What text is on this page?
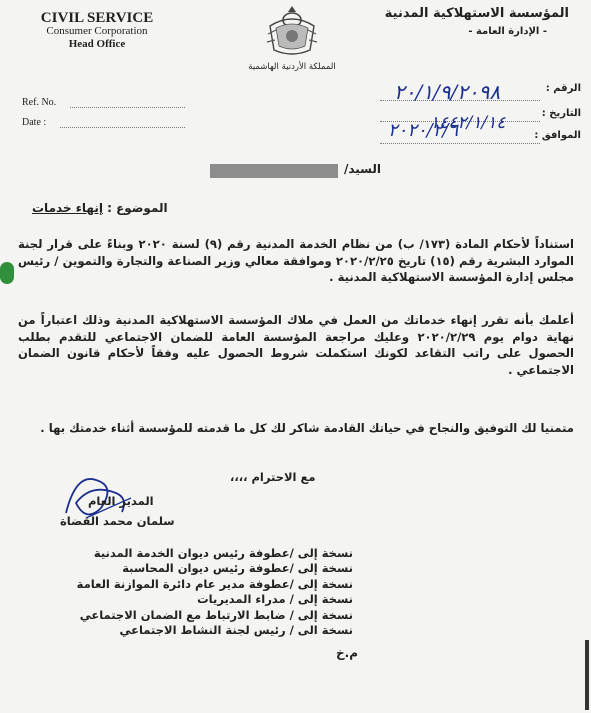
CIVIL SERVICE
Consumer Corporation
Head Office
المملكة الأردنية الهاشمية
المؤسسة الاستهلاكية المدنية
- الإدارة العامة -
Ref. No.
Date :
الرقم :
التاريخ :
الموافق :
٢٠/١/٩/٢٠٩٨
١٤٤٢/١/١٤
٢٠٢٠/٢/٦
السيد/
الموضوع : إنهاء خدمات
استناداً لأحكام المادة (١٧٣/ ب) من نظام الخدمة المدنية رقم (٩) لسنة ٢٠٢٠ وبناءً على قرار لجنة الموارد البشرية رقم (١٥) تاريخ ٢٠٢٠/٢/٢٥ وموافقة معالي وزير الصناعة والتجارة والتموين / رئيس مجلس إدارة المؤسسة الاستهلاكية المدنية .
أعلمك بأنه تقرر إنهاء خدماتك من العمل في ملاك المؤسسة الاستهلاكية المدنية وذلك اعتباراً من نهاية دوام يوم ٢٠٢٠/٢/٢٩ وعليك مراجعة المؤسسة العامة للضمان الاجتماعي للتقدم بطلب الحصول على راتب التقاعد لكونك استكملت شروط الحصول عليه وفقاً لأحكام قانون الضمان الاجتماعي .
متمنيا لك التوفيق والنجاح في حياتك القادمة شاكر لك كل ما قدمته للمؤسسة أثناء خدمتك بها .
مع الاحترام ،،،،
المدير العام
سلمان محمد القضاة
نسخة إلى /عطوفة رئيس ديوان الخدمة المدنية
نسخة إلى /عطوفة رئيس ديوان المحاسبة
نسخة إلى /عطوفة مدير عام دائرة الموازنة العامة
نسخة إلى / مدراء المديريات
نسخة إلى / ضابط الارتباط مع الضمان الاجتماعي
نسخة الى / رئيس لجنة النشاط الاجتماعي
م.خ
